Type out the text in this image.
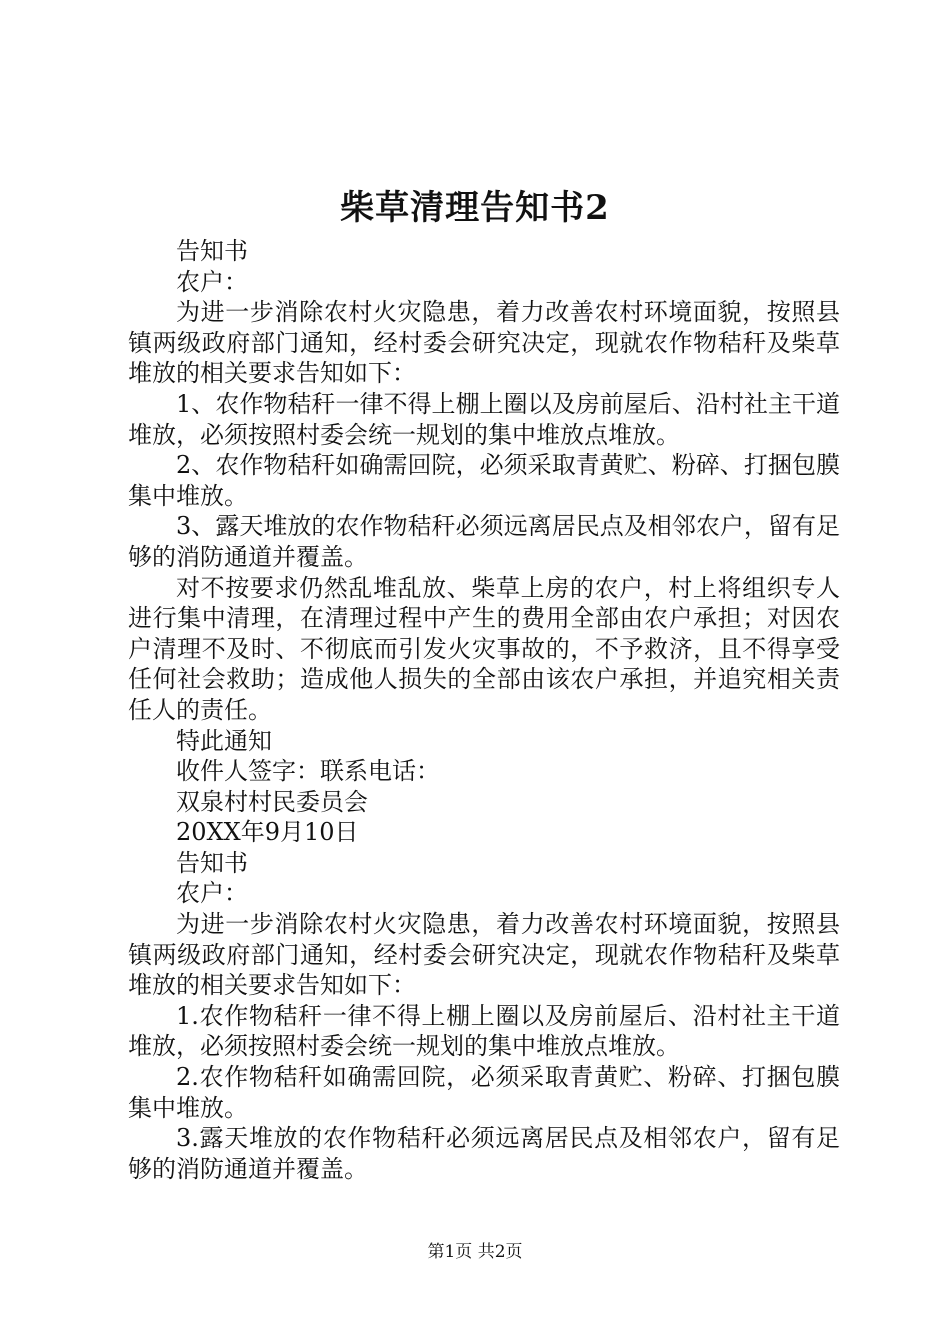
柴草清理告知书2
告知书
农户：
为进一步消除农村火灾隐患，着力改善农村环境面貌，按照县镇两级政府部门通知，经村委会研究决定，现就农作物秸秆及柴草堆放的相关要求告知如下：
1、农作物秸秆一律不得上棚上圈以及房前屋后、沿村社主干道堆放，必须按照村委会统一规划的集中堆放点堆放。
2、农作物秸秆如确需回院，必须采取青黄贮、粉碎、打捆包膜集中堆放。
3、露天堆放的农作物秸秆必须远离居民点及相邻农户，留有足够的消防通道并覆盖。
对不按要求仍然乱堆乱放、柴草上房的农户，村上将组织专人进行集中清理，在清理过程中产生的费用全部由农户承担；对因农户清理不及时、不彻底而引发火灾事故的，不予救济，且不得享受任何社会救助；造成他人损失的全部由该农户承担，并追究相关责任人的责任。
特此通知
收件人签字：联系电话：
双泉村村民委员会
20XX年9月10日
告知书
农户：
为进一步消除农村火灾隐患，着力改善农村环境面貌，按照县镇两级政府部门通知，经村委会研究决定，现就农作物秸秆及柴草堆放的相关要求告知如下：
1.农作物秸秆一律不得上棚上圈以及房前屋后、沿村社主干道堆放，必须按照村委会统一规划的集中堆放点堆放。
2.农作物秸秆如确需回院，必须采取青黄贮、粉碎、打捆包膜集中堆放。
3.露天堆放的农作物秸秆必须远离居民点及相邻农户，留有足够的消防通道并覆盖。
第1页 共2页
